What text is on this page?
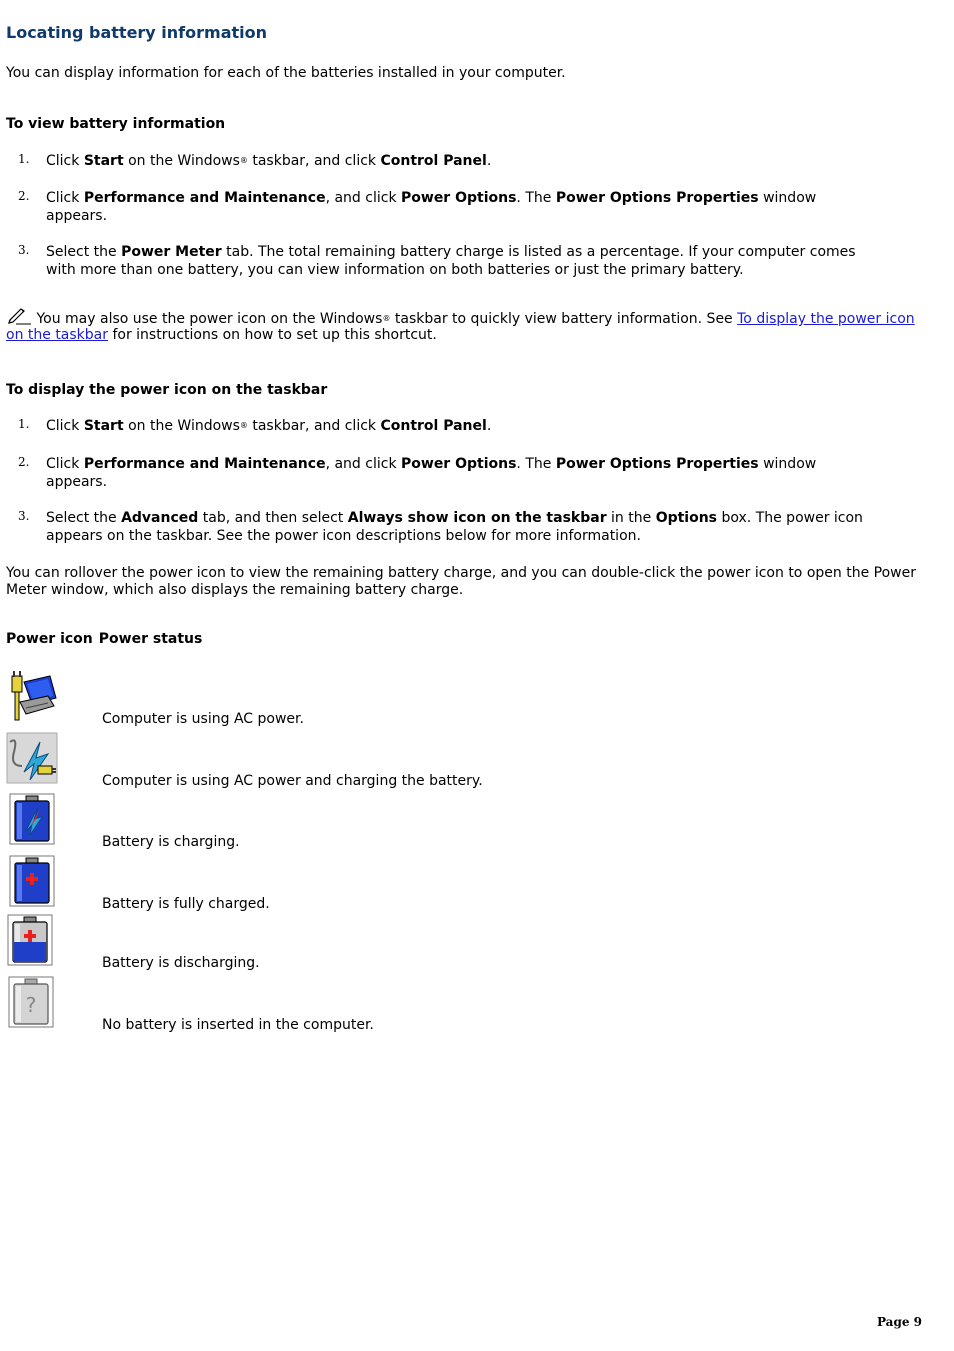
Locating battery information

You can display information for each of the batteries installed in your computer.

To view battery information

1. Click Start on the Windows® taskbar, and click Control Panel.
2. Click Performance and Maintenance, and click Power Options. The Power Options Properties window appears.
3. Select the Power Meter tab. The total remaining battery charge is listed as a percentage. If your computer comes with more than one battery, you can view information on both batteries or just the primary battery.

You may also use the power icon on the Windows® taskbar to quickly view battery information. See To display the power icon on the taskbar for instructions on how to set up this shortcut.

To display the power icon on the taskbar

1. Click Start on the Windows® taskbar, and click Control Panel.
2. Click Performance and Maintenance, and click Power Options. The Power Options Properties window appears.
3. Select the Advanced tab, and then select Always show icon on the taskbar in the Options box. The power icon appears on the taskbar. See the power icon descriptions below for more information.

You can rollover the power icon to view the remaining battery charge, and you can double-click the power icon to open the Power Meter window, which also displays the remaining battery charge.

Power icon	Power status
Computer is using AC power.
Computer is using AC power and charging the battery.
Battery is charging.
Battery is fully charged.
Battery is discharging.
?
No battery is inserted in the computer.
Page 9
